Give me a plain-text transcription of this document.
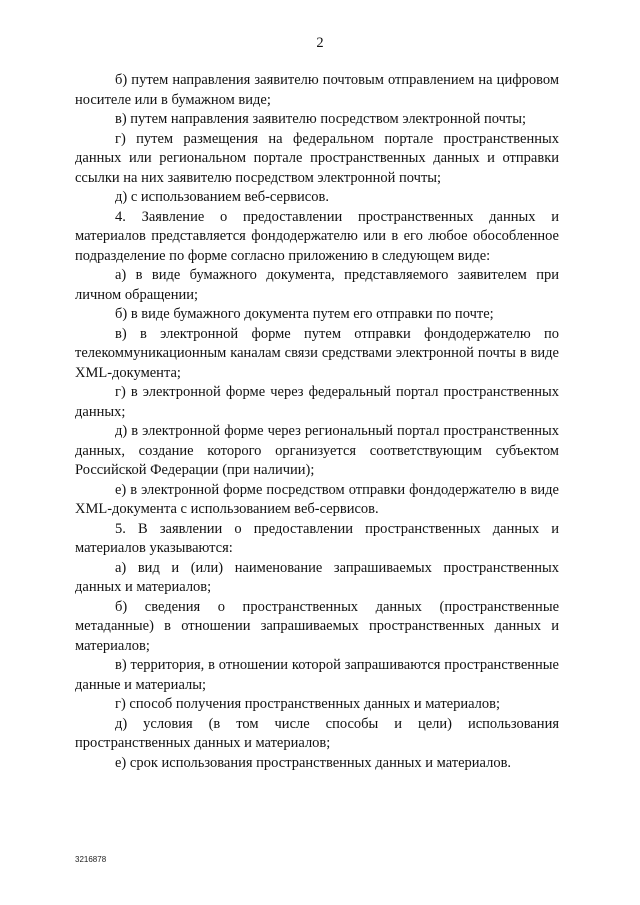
2

б) путем направления заявителю почтовым отправлением на цифровом носителе или в бумажном виде;

в) путем направления заявителю посредством электронной почты;

г) путем размещения на федеральном портале пространственных данных или региональном портале пространственных данных и отправки ссылки на них заявителю посредством электронной почты;

д) с использованием веб-сервисов.

4. Заявление о предоставлении пространственных данных и материалов представляется фондодержателю или в его любое обособленное подразделение по форме согласно приложению в следующем виде:

а) в виде бумажного документа, представляемого заявителем при личном обращении;

б) в виде бумажного документа путем его отправки по почте;

в) в электронной форме путем отправки фондодержателю по телекоммуникационным каналам связи средствами электронной почты в виде XML-документа;

г) в электронной форме через федеральный портал пространственных данных;

д) в электронной форме через региональный портал пространственных данных, создание которого организуется соответствующим субъектом Российской Федерации (при наличии);

е) в электронной форме посредством отправки фондодержателю в виде XML-документа с использованием веб-сервисов.

5. В заявлении о предоставлении пространственных данных и материалов указываются:

а) вид и (или) наименование запрашиваемых пространственных данных и материалов;

б) сведения о пространственных данных (пространственные метаданные) в отношении запрашиваемых пространственных данных и материалов;

в) территория, в отношении которой запрашиваются пространственные данные и материалы;

г) способ получения пространственных данных и материалов;

д) условия (в том числе способы и цели) использования пространственных данных и материалов;

е) срок использования пространственных данных и материалов.

3216878
